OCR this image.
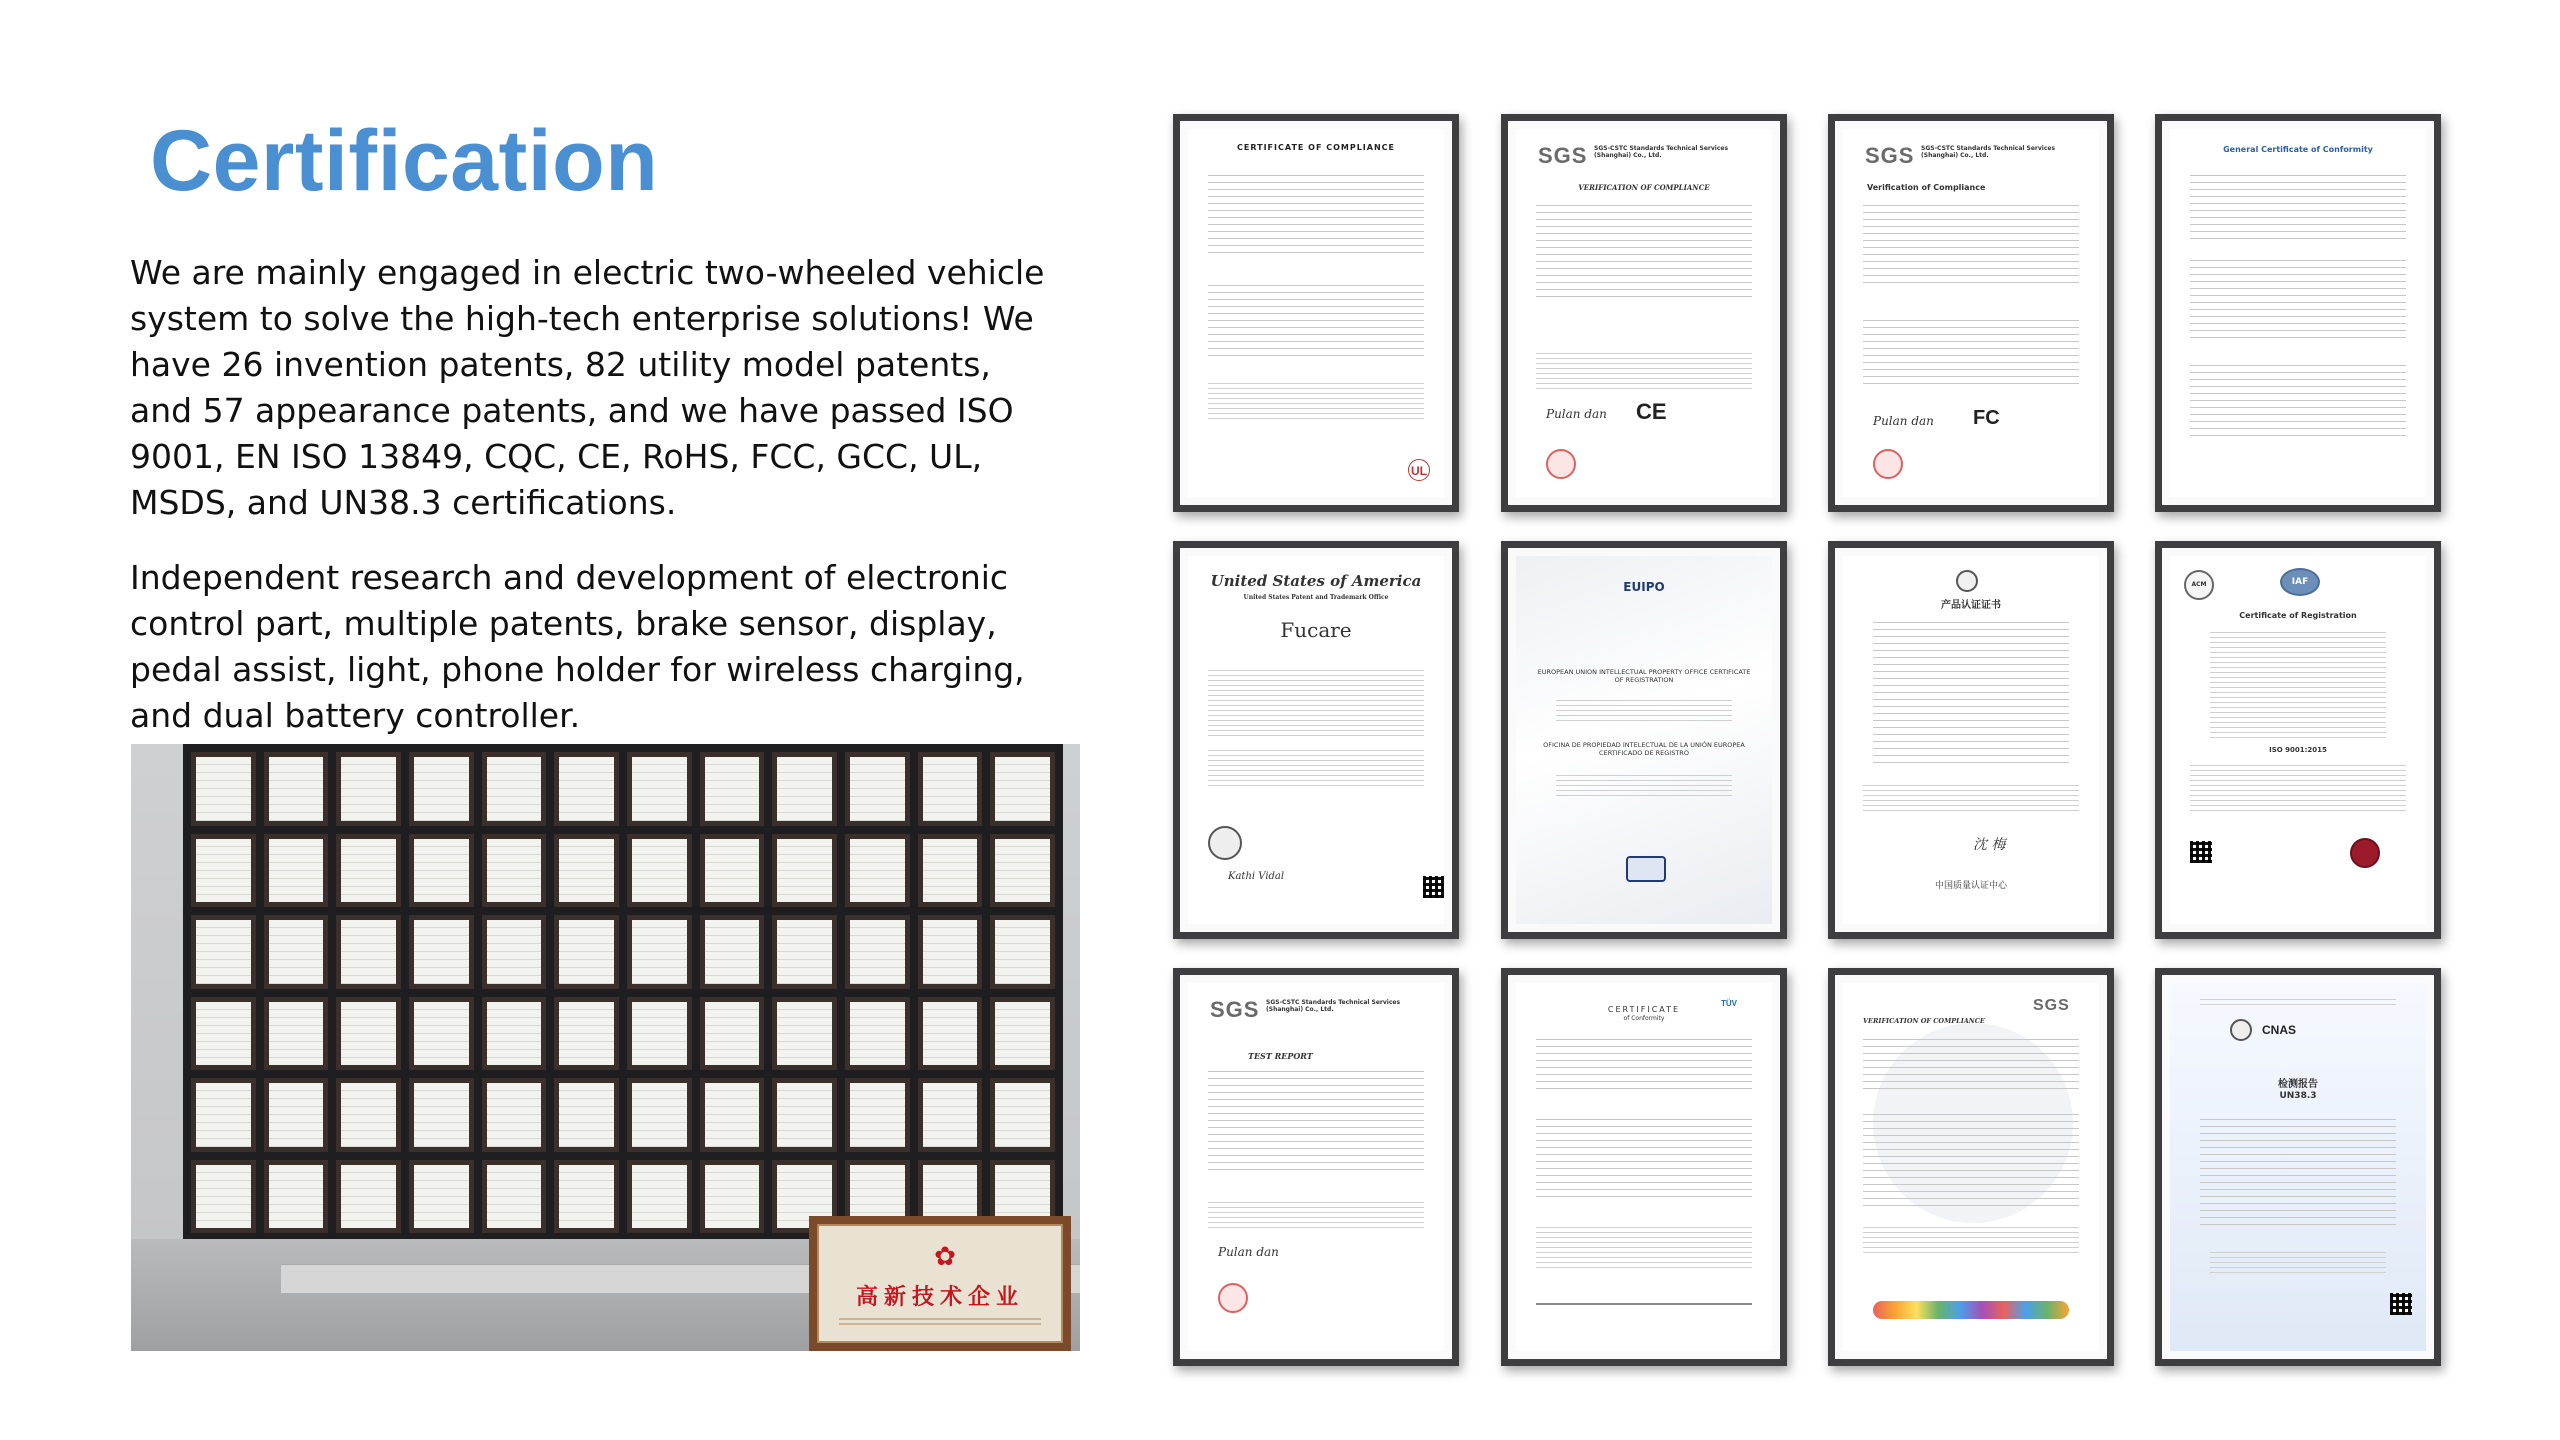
Certification

We are mainly engaged in electric two-wheeled vehicle system to solve the high-tech enterprise solutions! We have 26 invention patents, 82 utility model patents, and 57 appearance patents, and we have passed ISO 9001, EN ISO 13849, CQC, CE, RoHS, FCC, GCC, UL, MSDS, and UN38.3 certifications.

Independent research and development of electronic control part, multiple patents, brake sensor, display, pedal assist, light, phone holder for wireless charging, and dual battery controller.

✿
高新技术企业
CERTIFICATE OF COMPLIANCE
UL
SGS SGS-CSTC Standards Technical Services (Shanghai) Co., Ltd.
VERIFICATION OF COMPLIANCE
Pulan dan CE
SGS SGS-CSTC Standards Technical Services (Shanghai) Co., Ltd.
Verification of Compliance
Pulan dan FC
General Certificate of Conformity
United States of America
United States Patent and Trademark Office
Fucare
Kathi Vidal
EUIPO
EUROPEAN UNION INTELLECTUAL PROPERTY OFFICE CERTIFICATE OF REGISTRATION
OFICINA DE PROPIEDAD INTELECTUAL DE LA UNIÓN EUROPEA CERTIFICADO DE REGISTRO
产品认证证书
沈 梅
中国质量认证中心
ACM	IAF
Certificate of Registration
ISO 9001:2015
SGS SGS-CSTC Standards Technical Services (Shanghai) Co., Ltd.
TEST REPORT
Pulan dan
CERTIFICATE
of Conformity
TÜV	SGS
VERIFICATION OF COMPLIANCE
CNAS
检测报告
UN38.3
